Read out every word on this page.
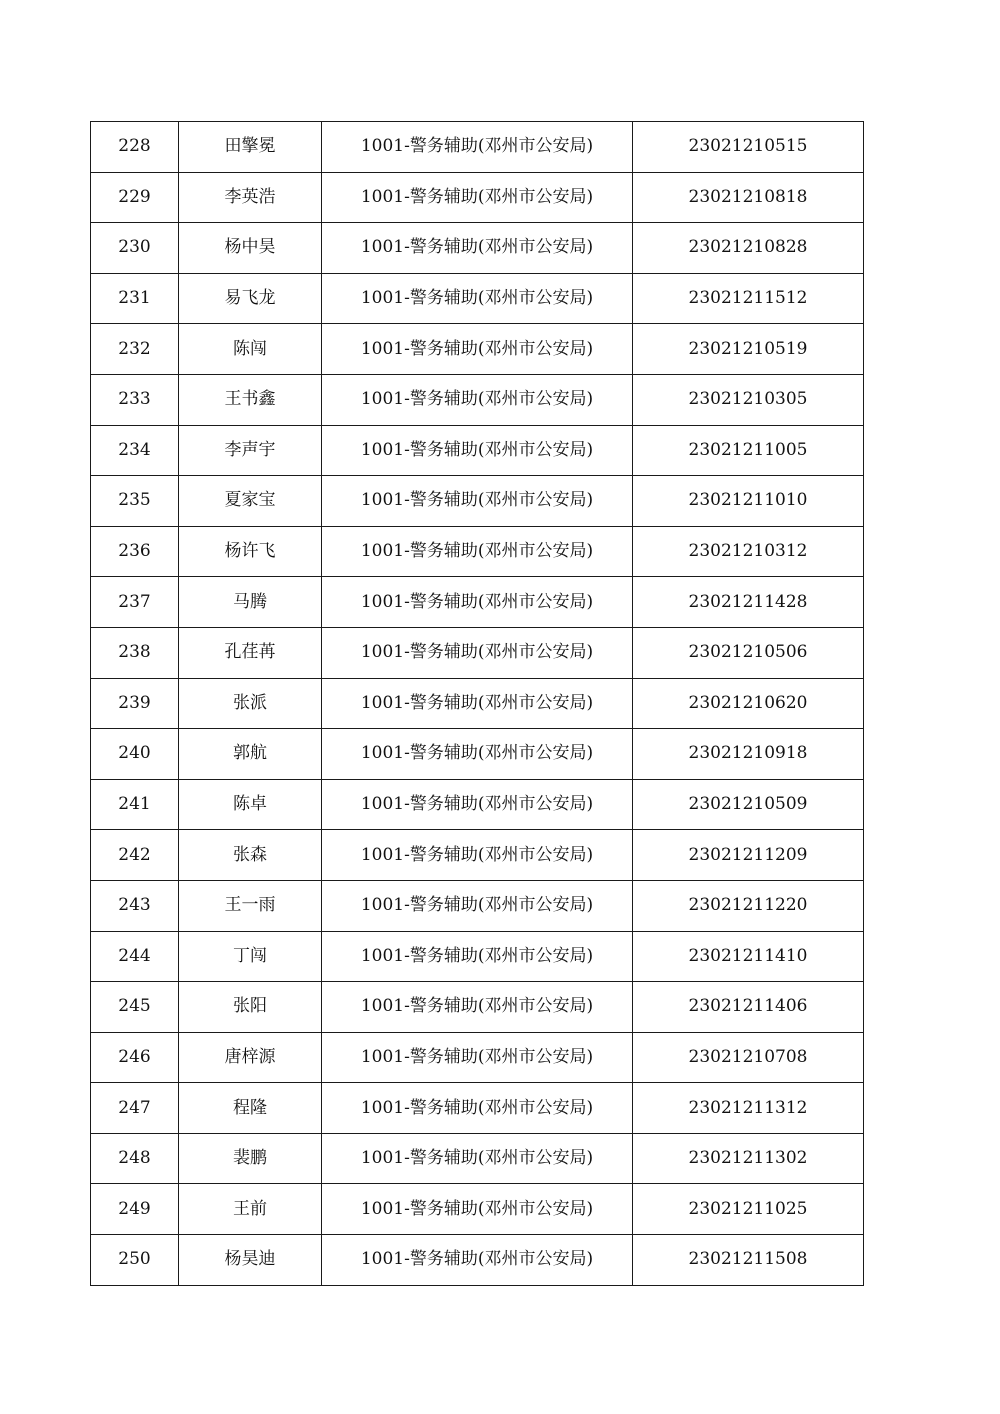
228	田擎冕	1001-警务辅助(邓州市公安局)	23021210515
229	李英浩	1001-警务辅助(邓州市公安局)	23021210818
230	杨中昊	1001-警务辅助(邓州市公安局)	23021210828
231	易飞龙	1001-警务辅助(邓州市公安局)	23021211512
232	陈闯	1001-警务辅助(邓州市公安局)	23021210519
233	王书鑫	1001-警务辅助(邓州市公安局)	23021210305
234	李声宇	1001-警务辅助(邓州市公安局)	23021211005
235	夏家宝	1001-警务辅助(邓州市公安局)	23021211010
236	杨许飞	1001-警务辅助(邓州市公安局)	23021210312
237	马腾	1001-警务辅助(邓州市公安局)	23021211428
238	孔荏苒	1001-警务辅助(邓州市公安局)	23021210506
239	张派	1001-警务辅助(邓州市公安局)	23021210620
240	郭航	1001-警务辅助(邓州市公安局)	23021210918
241	陈卓	1001-警务辅助(邓州市公安局)	23021210509
242	张森	1001-警务辅助(邓州市公安局)	23021211209
243	王一雨	1001-警务辅助(邓州市公安局)	23021211220
244	丁闯	1001-警务辅助(邓州市公安局)	23021211410
245	张阳	1001-警务辅助(邓州市公安局)	23021211406
246	唐梓源	1001-警务辅助(邓州市公安局)	23021210708
247	程隆	1001-警务辅助(邓州市公安局)	23021211312
248	裴鹏	1001-警务辅助(邓州市公安局)	23021211302
249	王前	1001-警务辅助(邓州市公安局)	23021211025
250	杨昊迪	1001-警务辅助(邓州市公安局)	23021211508
